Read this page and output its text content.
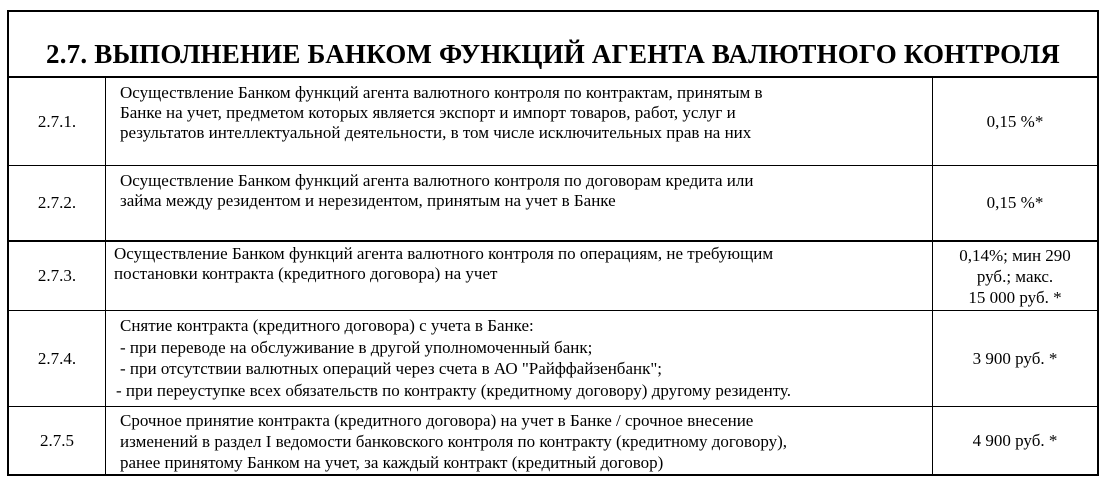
2.7. ВЫПОЛНЕНИЕ БАНКОМ ФУНКЦИЙ АГЕНТА ВАЛЮТНОГО КОНТРОЛЯ
2.7.1.
Осуществление Банком функций агента валютного контроля по контрактам, принятым в
Банке на учет, предметом которых является экспорт и импорт товаров, работ, услуг и
результатов интеллектуальной деятельности, в том числе исключительных прав на них
0,15 %*
2.7.2.
Осуществление Банком функций агента валютного контроля по договорам кредита или
займа между резидентом и нерезидентом, принятым на учет в Банке	0,15 %*
2.7.3.
Осуществление Банком функций агента валютного контроля по операциям, не требующим
постановки контракта (кредитного договора) на учет
0,14%; мин 290
руб.; макс.
15 000 руб. *
2.7.4.
Снятие контракта (кредитного договора) с учета в Банке:
- при переводе на обслуживание в другой уполномоченный банк;
- при отсутствии валютных операций через счета в АО "Райффайзенбанк";
- при переуступке всех обязательств по контракту (кредитному договору) другому резиденту.
3 900 руб. *
2.7.5
Срочное принятие контракта (кредитного договора) на учет в Банке / срочное внесение
изменений в раздел I ведомости банковского контроля по контракту (кредитному договору),
ранее принятому Банком на учет, за каждый контракт (кредитный договор)
4 900 руб. *
